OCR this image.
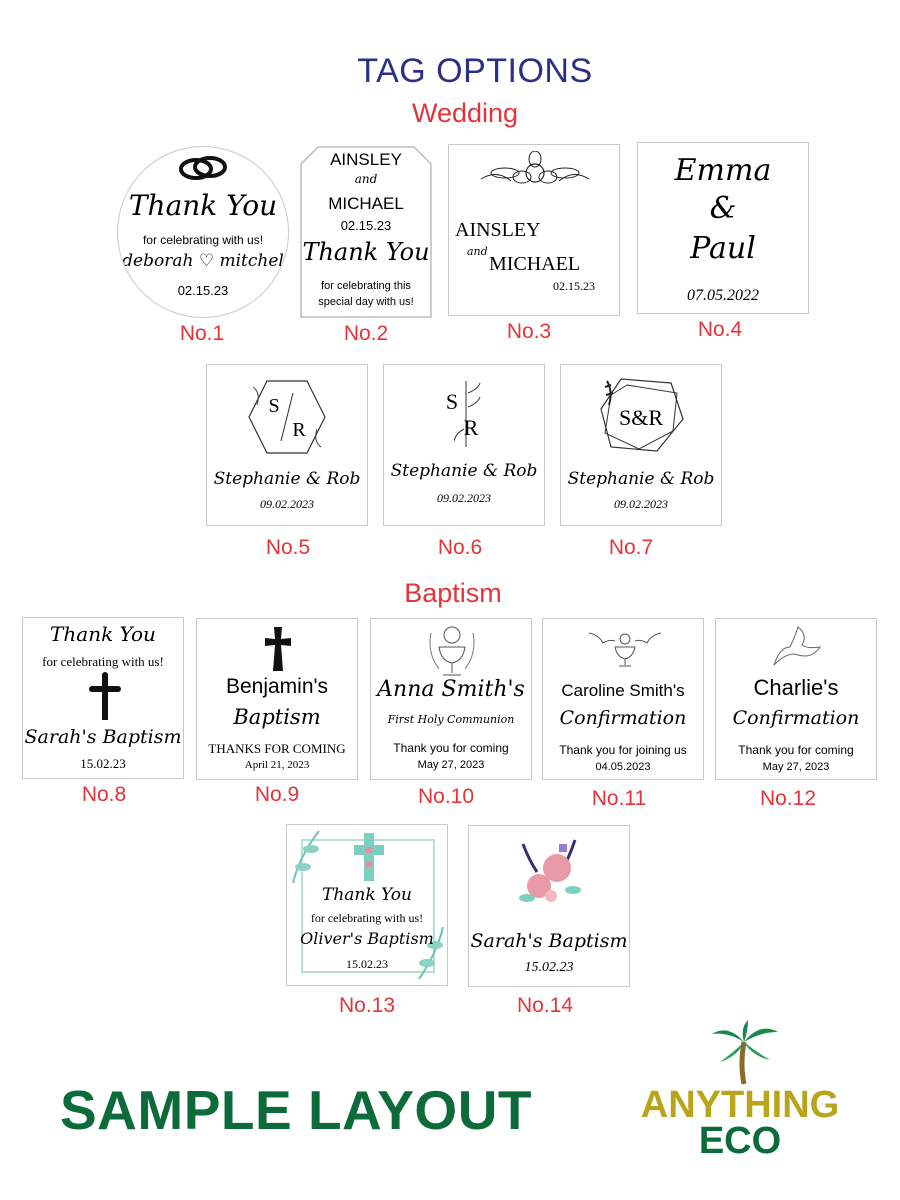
TAG OPTIONS
Wedding
Thank You
for celebrating with us!
deborah ♡ mitchel
02.15.23
No.1
AINSLEY
and
MICHAEL
02.15.23
Thank You
for celebrating this
special day with us!
No.2
AINSLEY
and
MICHAEL
02.15.23
No.3
Emma
&
Paul
07.05.2022
No.4
S
R
Stephanie & Rob
09.02.2023
No.5
S
R
Stephanie & Rob
09.02.2023
No.6
S&R
Stephanie & Rob
09.02.2023
No.7
Baptism
Thank You
for celebrating with us!
Sarah's Baptism
15.02.23
No.8
Benjamin's
Baptism
THANKS FOR COMING
April 21, 2023
No.9
Anna Smith's
First Holy Communion
Thank you for coming
May 27, 2023
No.10
Caroline Smith's
Confirmation
Thank you for joining us
04.05.2023
No.11
Charlie's
Confirmation
Thank you for coming
May 27, 2023
No.12
Thank You
for celebrating with us!
Oliver's Baptism
15.02.23
No.13
Sarah's Baptism
15.02.23
No.14
SAMPLE LAYOUT	ANYTHING
ECO
